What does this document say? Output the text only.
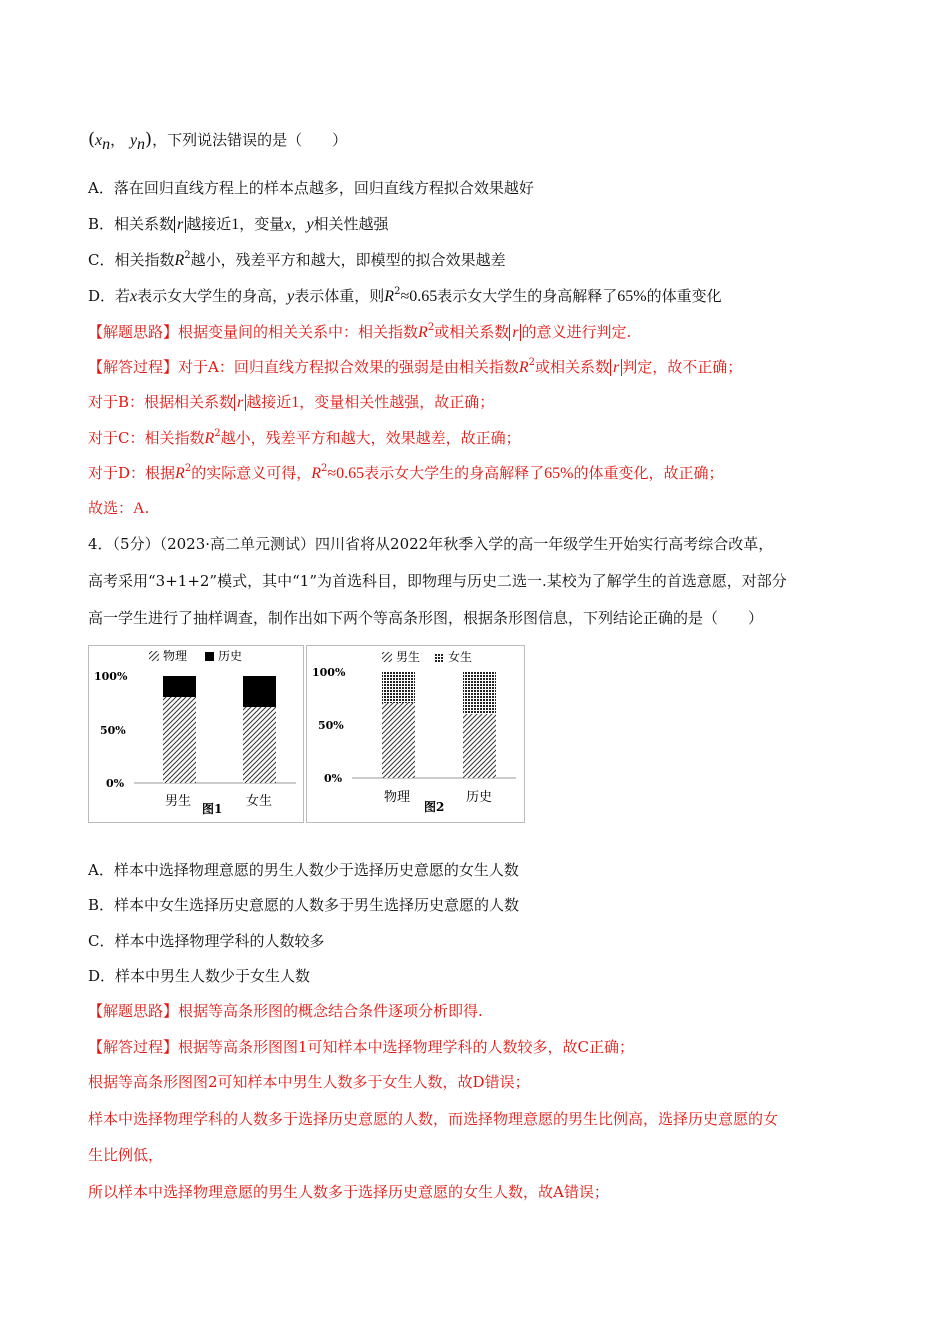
($x_n$， $y_n$)，下列说法错误的是（　　）
A．落在回归直线方程上的样本点越多，回归直线方程拟合效果越好
B．相关系数 r 越接近1，变量x，y相关性越强
C．相关指数$R^2$越小，残差平方和越大，即模型的拟合效果越差
D．若x表示女大学生的身高，y表示体重，则$R^2\approx 0.65$表示女大学生的身高解释了65%的体重变化
【解题思路】根据变量间的相关关系中：相关指数$R^2$或相关系数 r 的意义进行判定.
【解答过程】对于A：回归直线方程拟合效果的强弱是由相关指数$R^2$或相关系数 r 判定，故不正确；
对于B：根据相关系数 r 越接近1，变量相关性越强，故正确；
对于C：相关指数$R^2$越小，残差平方和越大，效果越差，故正确；
对于D：根据$R^2$的实际意义可得，$R^2\approx 0.65$表示女大学生的身高解释了65%的体重变化，故正确；
故选：A.
4．（5分）（2023·高二单元测试）四川省将从2022年秋季入学的高一年级学生开始实行高考综合改革，
高考采用“3+1+2”模式，其中“1”为首选科目，即物理与历史二选一.某校为了解学生的首选意愿，对部分
高一学生进行了抽样调查，制作出如下两个等高条形图，根据条形图信息，下列结论正确的是（　　）
物理	历史
100%
50%
0%
男生 图1 女生
男生 女生
100%
50%
0%
物理
图2
历史
A．样本中选择物理意愿的男生人数少于选择历史意愿的女生人数
B．样本中女生选择历史意愿的人数多于男生选择历史意愿的人数
C．样本中选择物理学科的人数较多
D．样本中男生人数少于女生人数
【解题思路】根据等高条形图的概念结合条件逐项分析即得.
【解答过程】根据等高条形图图1可知样本中选择物理学科的人数较多，故C正确；
根据等高条形图图2可知样本中男生人数多于女生人数，故D错误；
样本中选择物理学科的人数多于选择历史意愿的人数，而选择物理意愿的男生比例高，选择历史意愿的女
生比例低，
所以样本中选择物理意愿的男生人数多于选择历史意愿的女生人数，故A错误；
